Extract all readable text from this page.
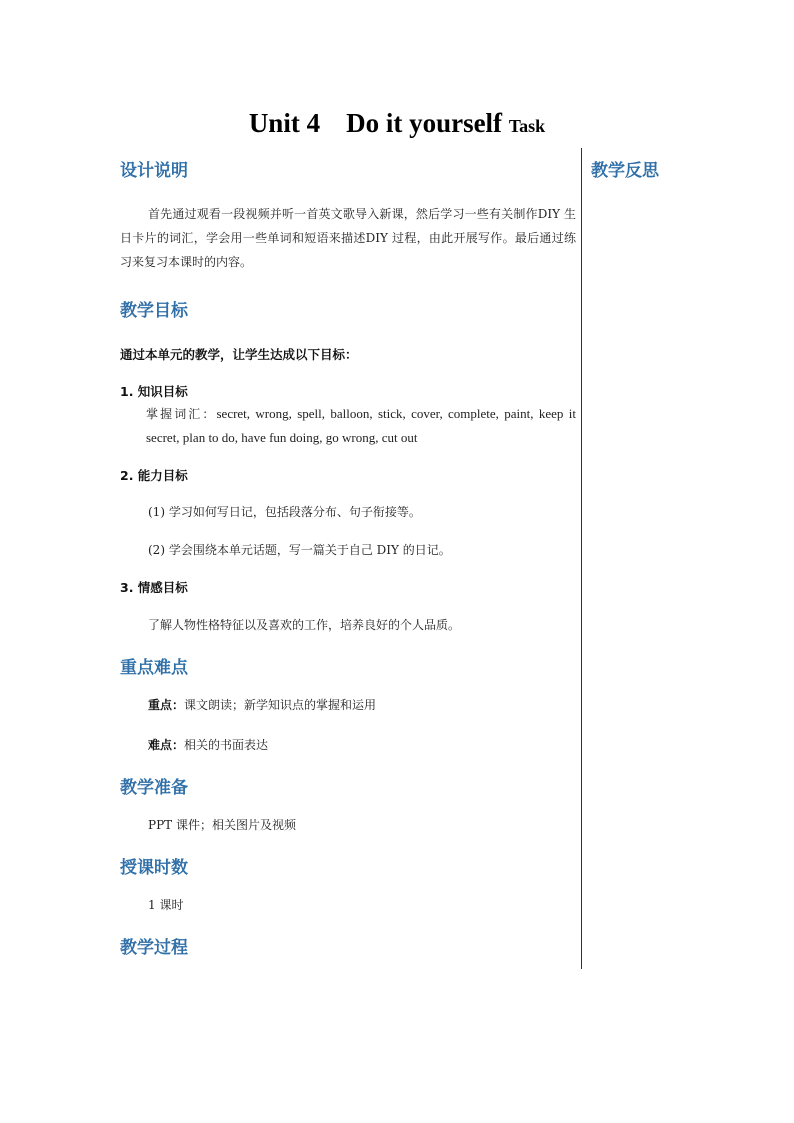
Unit 4 Do it yourself Task
教学反思
设计说明
首先通过观看一段视频并听一首英文歌导入新课，然后学习一些有关制作DIY 生日卡片的词汇，学会用一些单词和短语来描述DIY 过程，由此开展写作。最后通过练习来复习本课时的内容。
教学目标
通过本单元的教学，让学生达成以下目标：
1. 知识目标
掌握词汇：secret, wrong, spell, balloon, stick, cover, complete, paint, keep it secret, plan to do, have fun doing, go wrong, cut out
2. 能力目标
(1) 学习如何写日记，包括段落分布、句子衔接等。
(2) 学会围绕本单元话题，写一篇关于自己 DIY 的日记。
3. 情感目标
了解人物性格特征以及喜欢的工作，培养良好的个人品质。
重点难点
重点：课文朗读；新学知识点的掌握和运用
难点：相关的书面表达
教学准备
PPT 课件；相关图片及视频
授课时数
1 课时
教学过程
